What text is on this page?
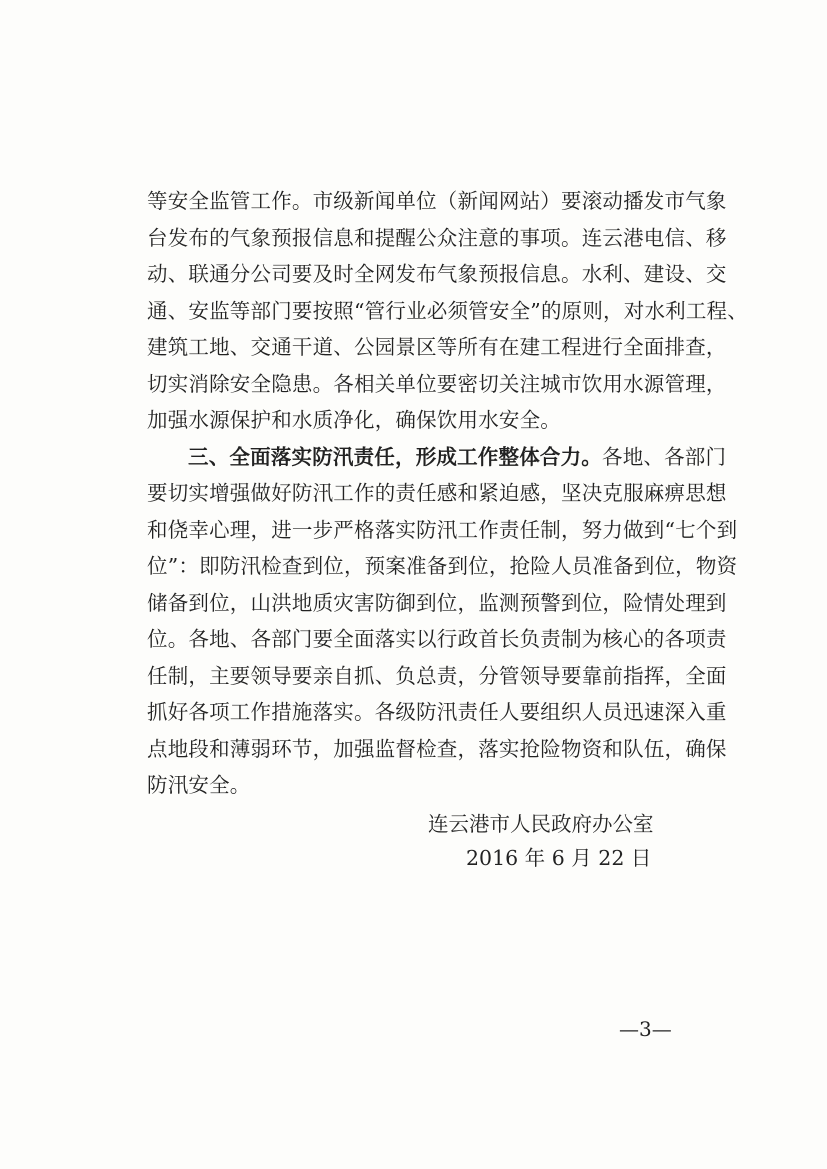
等安全监管工作。市级新闻单位（新闻网站）要滚动播发市气象
台发布的气象预报信息和提醒公众注意的事项。连云港电信、移
动、联通分公司要及时全网发布气象预报信息。水利、建设、交
通、安监等部门要按照“管行业必须管安全”的原则，对水利工程、
建筑工地、交通干道、公园景区等所有在建工程进行全面排查，
切实消除安全隐患。各相关单位要密切关注城市饮用水源管理，
加强水源保护和水质净化，确保饮用水安全。
三、全面落实防汛责任，形成工作整体合力。各地、各部门
要切实增强做好防汛工作的责任感和紧迫感，坚决克服麻痹思想
和侥幸心理，进一步严格落实防汛工作责任制，努力做到“七个到
位”：即防汛检查到位，预案准备到位，抢险人员准备到位，物资
储备到位，山洪地质灾害防御到位，监测预警到位，险情处理到
位。各地、各部门要全面落实以行政首长负责制为核心的各项责
任制，主要领导要亲自抓、负总责，分管领导要靠前指挥，全面
抓好各项工作措施落实。各级防汛责任人要组织人员迅速深入重
点地段和薄弱环节，加强监督检查，落实抢险物资和队伍，确保
防汛安全。
连云港市人民政府办公室
2016 年 6 月 22 日
—3—
